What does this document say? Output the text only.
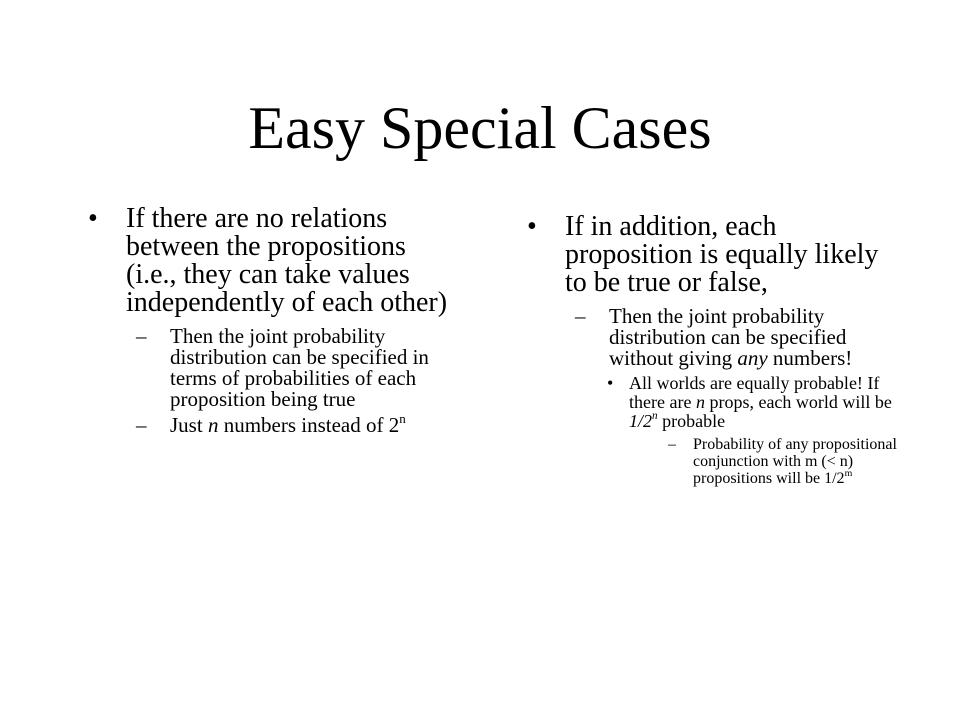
Easy Special Cases
• If there are no relations between the propositions (i.e., they can take values independently of each other)
– Then the joint probability distribution can be specified in terms of probabilities of each proposition being true
– Just n numbers instead of 2$^n$
• If in addition, each proposition is equally likely to be true or false,
– Then the joint probability distribution can be specified without giving any numbers!
• All worlds are equally probable! If there are n props, each world will be 1/2$^n$ probable
– Probability of any propositional conjunction with m (< n) propositions will be 1/2$^m$
